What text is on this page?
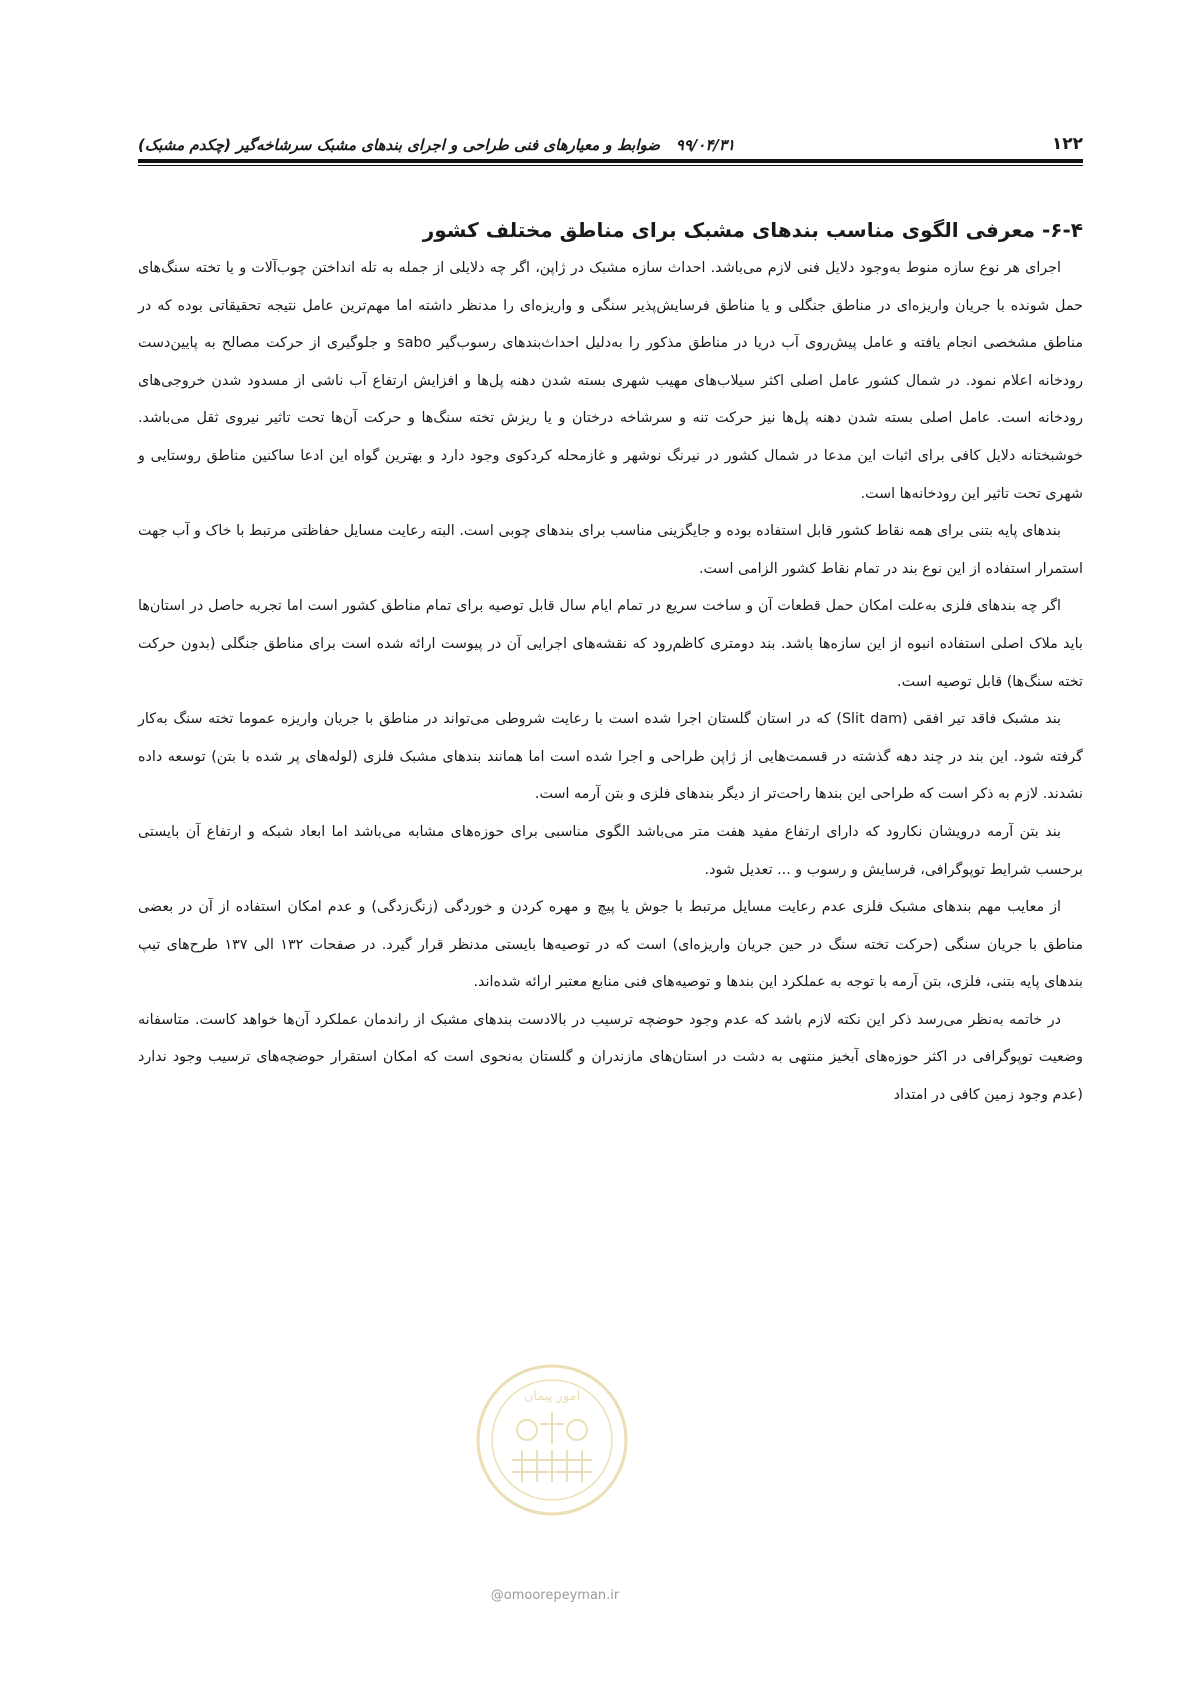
۱۲۲
۹۹/۰۴/۳۱   ضوابط و معیارهای فنی طراحی و اجرای بندهای مشبک سرشاخه‌گیر (چکدم مشبک)
۶-۴- معرفی الگوی مناسب بندهای مشبک برای مناطق مختلف کشور

اجرای هر نوع سازه منوط به‌وجود دلایل فنی لازم می‌باشد. احداث سازه مشبک در ژاپن، اگر چه دلایلی از جمله به تله انداختن چوب‌آلات و یا تخته سنگ‌های حمل شونده با جریان واریزه‌ای در مناطق جنگلی و یا مناطق فرسایش‌پذیر سنگی و واریزه‌ای را مدنظر داشته اما مهم‌ترین عامل نتیجه تحقیقاتی بوده که در مناطق مشخصی انجام یافته و عامل پیش‌روی آب دریا در مناطق مذکور را به‌دلیل احداث‌بندهای رسوب‌گیر sabo و جلوگیری از حرکت مصالح به پایین‌دست رودخانه اعلام نمود. در شمال کشور عامل اصلی اکثر سیلاب‌های مهیب شهری بسته شدن دهنه پل‌ها و افزایش ارتفاع آب ناشی از مسدود شدن خروجی‌های رودخانه است. عامل اصلی بسته شدن دهنه پل‌ها نیز حرکت تنه و سرشاخه درختان و یا ریزش تخته سنگ‌ها و حرکت آن‌ها تحت تاثیر نیروی ثقل می‌باشد. خوشبختانه دلایل کافی برای اثبات این مدعا در شمال کشور در نیرنگ نوشهر و غازمحله کردکوی وجود دارد و بهترین گواه این ادعا ساکنین مناطق روستایی و شهری تحت تاثیر این رودخانه‌ها است.

بندهای پایه بتنی برای همه نقاط کشور قابل استفاده بوده و جایگزینی مناسب برای بندهای چوبی است. البته رعایت مسایل حفاظتی مرتبط با خاک و آب جهت استمرار استفاده از این نوع بند در تمام نقاط کشور الزامی است.

اگر چه بندهای فلزی به‌علت امکان حمل قطعات آن و ساخت سریع در تمام ایام سال قابل توصیه برای تمام مناطق کشور است اما تجربه حاصل در استان‌ها باید ملاک اصلی استفاده انبوه از این سازه‌ها باشد. بند دومتری کاظم‌رود که نقشه‌های اجرایی آن در پیوست ارائه شده است برای مناطق جنگلی (بدون حرکت تخته سنگ‌ها) قابل توصیه است.

بند مشبک فاقد تیر افقی (Slit dam) که در استان گلستان اجرا شده است با رعایت شروطی می‌تواند در مناطق با جریان واریزه عموما تخته سنگ به‌کار گرفته شود. این بند در چند دهه گذشته در قسمت‌هایی از ژاپن طراحی و اجرا شده است اما همانند بندهای مشبک فلزی (لوله‌های پر شده با بتن) توسعه داده نشدند. لازم به ذکر است که طراحی این بندها راحت‌تر از دیگر بندهای فلزی و بتن آرمه است.

بند بتن آرمه درویشان نکارود که دارای ارتفاع مفید هفت متر می‌باشد الگوی مناسبی برای حوزه‌های مشابه می‌باشد اما ابعاد شبکه و ارتفاع آن بایستی برحسب شرایط توپوگرافی، فرسایش و رسوب و ... تعدیل شود.

از معایب مهم بندهای مشبک فلزی عدم رعایت مسایل مرتبط با جوش یا پیچ و مهره کردن و خوردگی (زنگ‌زدگی) و عدم امکان استفاده از آن در بعضی مناطق با جریان سنگی (حرکت تخته سنگ در حین جریان واریزه‌ای) است که در توصیه‌ها بایستی مدنظر قرار گیرد. در صفحات ۱۳۲ الی ۱۳۷ طرح‌های تیپ بندهای پایه بتنی، فلزی، بتن آرمه با توجه به عملکرد این بندها و توصیه‌های فنی منابع معتبر ارائه شده‌اند.

در خاتمه به‌نظر می‌رسد ذکر این نکته لازم باشد که عدم وجود حوضچه ترسیب در بالادست بندهای مشبک از راندمان عملکرد آن‌ها خواهد کاست. متاسفانه وضعیت توپوگرافی در اکثر حوزه‌های آبخیز منتهی به دشت در استان‌های مازندران و گلستان به‌نحوی است که امکان استقرار حوضچه‌های ترسیب وجود ندارد (عدم وجود زمین کافی در امتداد

امور پیمان
@omoorepeyman.ir
